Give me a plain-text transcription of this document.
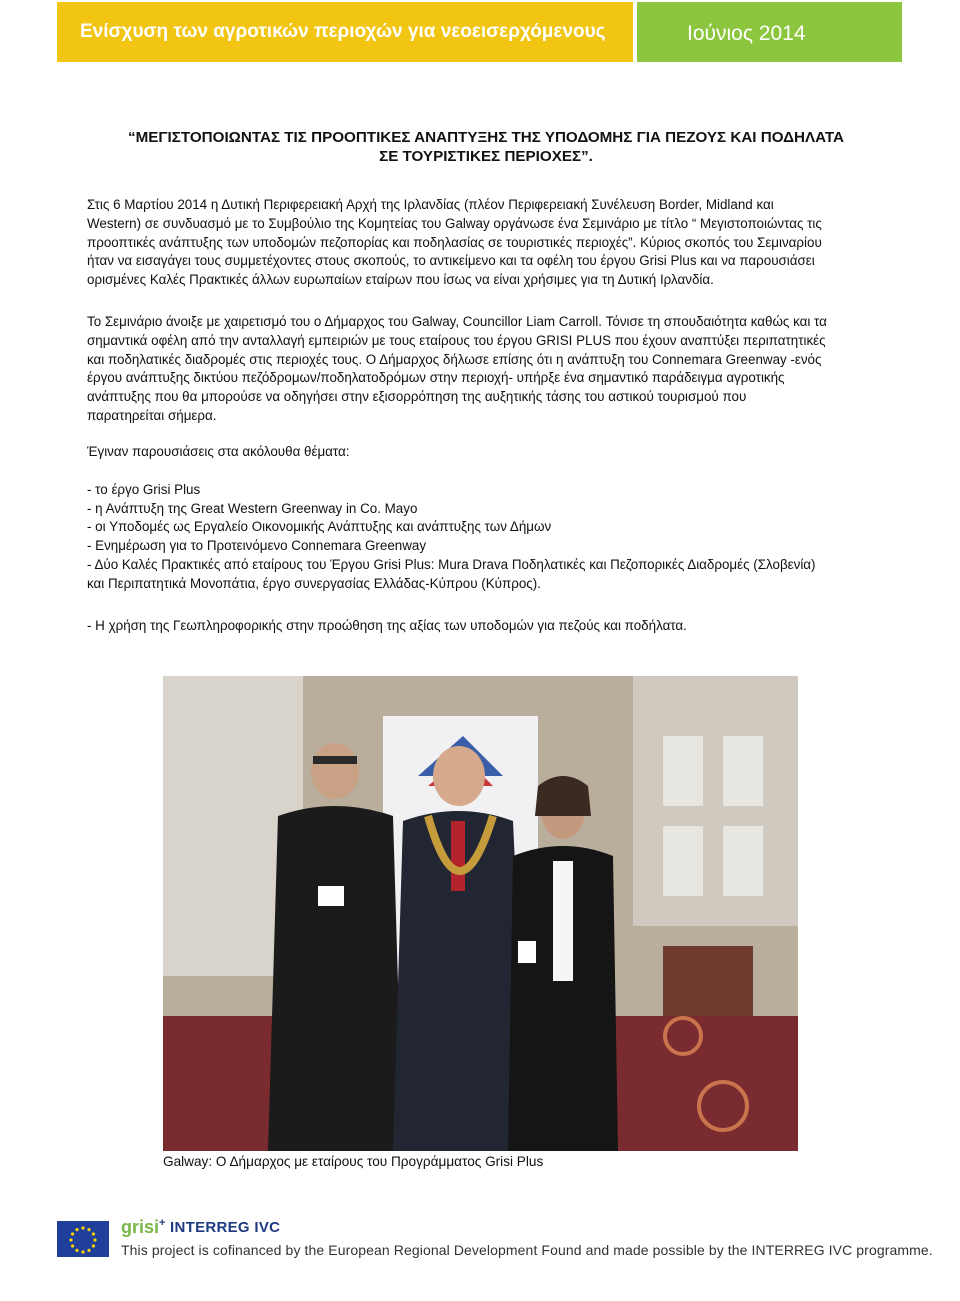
Ενίσχυση των αγροτικών περιοχών για νεοεισερχόμενους	Ιούνιος 2014
“ΜΕΓΙΣΤΟΠΟΙΩΝΤΑΣ ΤΙΣ ΠΡΟΟΠΤΙΚΕΣ ΑΝΑΠΤΥΞΗΣ ΤΗΣ ΥΠΟΔΟΜΗΣ ΓΙΑ ΠΕΖΟΥΣ ΚΑΙ ΠΟΔΗΛΑΤΑ
ΣΕ ΤΟΥΡΙΣΤΙΚΕΣ ΠΕΡΙΟΧΕΣ”.
Στις 6 Μαρτίου 2014 η Δυτική Περιφερειακή Αρχή της Ιρλανδίας (πλέον Περιφερειακή Συνέλευση Border, Midland και
Western) σε συνδυασμό με το Συμβούλιο της Κομητείας του Galway οργάνωσε ένα Σεμινάριο με τίτλο “ Μεγιστοποιώντας τις
προοπτικές ανάπτυξης των υποδομών πεζοπορίας και ποδηλασίας σε τουριστικές περιοχές”. Κύριος σκοπός του Σεμιναρίου
ήταν να εισαγάγει τους συμμετέχοντες στους σκοπούς, το αντικείμενο και τα οφέλη του έργου Grisi Plus και να παρουσιάσει
ορισμένες Καλές Πρακτικές άλλων ευρωπαίων εταίρων που ίσως να είναι χρήσιμες για τη Δυτική Ιρλανδία.
Το Σεμινάριο άνοιξε με χαιρετισμό του ο Δήμαρχος του Galway, Councillor Liam Carroll. Τόνισε τη σπουδαιότητα καθώς και τα
σημαντικά οφέλη από την ανταλλαγή εμπειριών με τους εταίρους του έργου GRISI PLUS που έχουν αναπτύξει περιπατητικές
και ποδηλατικές διαδρομές στις περιοχές τους. Ο Δήμαρχος δήλωσε επίσης ότι η ανάπτυξη του Connemara Greenway -ενός
έργου ανάπτυξης δικτύου πεζόδρομων/ποδηλατοδρόμων στην περιοχή- υπήρξε ένα σημαντικό παράδειγμα αγροτικής
ανάπτυξης που θα μπορούσε να οδηγήσει στην εξισορρόπηση της αυξητικής τάσης του αστικού τουρισμού που
παρατηρείται σήμερα.
Έγιναν παρουσιάσεις στα ακόλουθα θέματα:
- το έργο Grisi Plus
- η Ανάπτυξη της Great Western Greenway in Co. Mayo
- οι Υποδομές ως Εργαλείο Οικονομικής Ανάπτυξης και ανάπτυξης των Δήμων
- Ενημέρωση για το Προτεινόμενο Connemara Greenway
- Δύο Καλές Πρακτικές από εταίρους του Έργου Grisi Plus: Mura Drava Ποδηλατικές και Πεζοπορικές Διαδρομές (Σλοβενία)
και Περιπατητικά Μονοπάτια, έργο συνεργασίας Ελλάδας-Κύπρου (Κύπρος).
- Η χρήση της Γεωπληροφορικής στην προώθηση της αξίας των υποδομών για πεζούς και ποδήλατα.
Galway: Ο Δήμαρχος με εταίρους του Προγράμματος Grisi Plus
grisi+ INTERREG IVC
This project is cofinanced by the European Regional Development Found and made possible by the INTERREG IVC programme.
